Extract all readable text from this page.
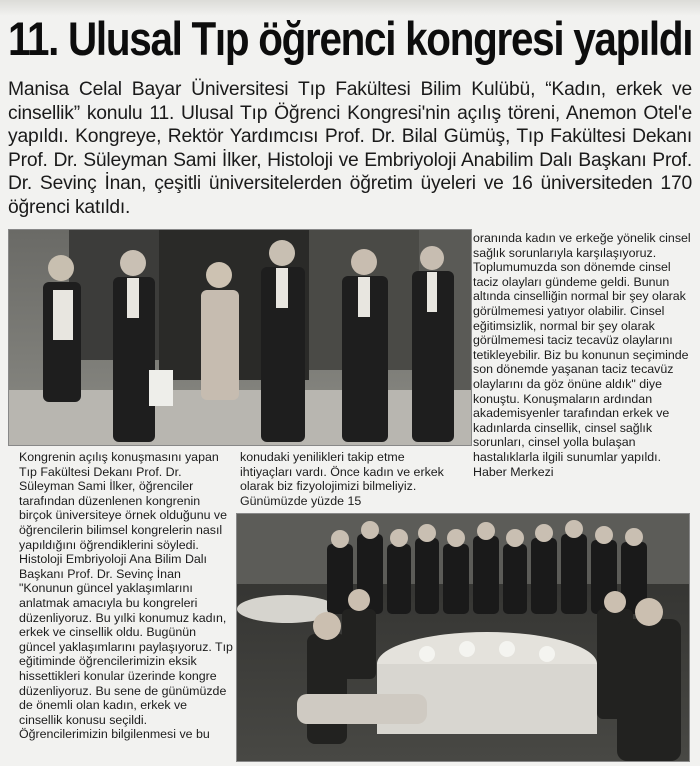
11. Ulusal Tıp öğrenci kongresi yapıldı

Manisa Celal Bayar Üniversitesi Tıp Fakültesi Bilim Kulübü, “Kadın, erkek ve cinsellik” konulu 11. Ulusal Tıp Öğrenci Kongresi'nin açılış töreni, Anemon Otel'e yapıldı. Kongreye, Rektör Yardımcısı Prof. Dr. Bilal Gümüş, Tıp Fakültesi Dekanı Prof. Dr. Süleyman Sami İlker, Histoloji ve Embriyoloji Anabilim Dalı Başkanı Prof. Dr. Sevinç İnan, çeşitli üniversitelerden öğretim üyeleri ve 16 üniversiteden 170 öğrenci katıldı.

Kongrenin açılış konuşmasını yapan Tıp Fakültesi Dekanı Prof. Dr. Süleyman Sami İlker, öğrenciler tarafından düzenlenen kongrenin birçok üniversiteye örnek olduğunu ve öğrencilerin bilimsel kongrelerin nasıl yapıldığını öğrendiklerini söyledi. Histoloji Embriyoloji Ana Bilim Dalı Başkanı Prof. Dr. Sevinç İnan "Konunun güncel yaklaşımlarını anlatmak amacıyla bu kongreleri düzenliyoruz. Bu yılki konumuz kadın, erkek ve cinsellik oldu. Bugünün güncel yaklaşımlarını paylaşıyoruz. Tıp eğitiminde öğrencilerimizin eksik hissettikleri konular üzerinde kongre düzenliyoruz. Bu sene de günümüzde de önemli olan kadın, erkek ve cinsellik konusu seçildi. Öğrencilerimizin bilgilenmesi ve bu

konudaki yenilikleri takip etme ihtiyaçları vardı. Önce kadın ve erkek olarak biz fizyolojimizi bilmeliyiz. Günümüzde yüzde 15

oranında kadın ve erkeğe yönelik cinsel sağlık sorunlarıyla karşılaşıyoruz. Toplumumuzda son dönemde cinsel taciz olayları gündeme geldi. Bunun altında cinselliğin normal bir şey olarak görülmemesi yatıyor olabilir. Cinsel eğitimsizlik, normal bir şey olarak görülmemesi taciz tecavüz olaylarını tetikleyebilir. Biz bu konunun seçiminde son dönemde yaşanan taciz tecavüz olaylarını da göz önüne aldık" diye konuştu. Konuşmaların ardından akademisyenler tarafından erkek ve kadınlarda cinsellik, cinsel sağlık sorunları, cinsel yolla bulaşan hastalıklarla ilgili sunumlar yapıldı. Haber Merkezi
